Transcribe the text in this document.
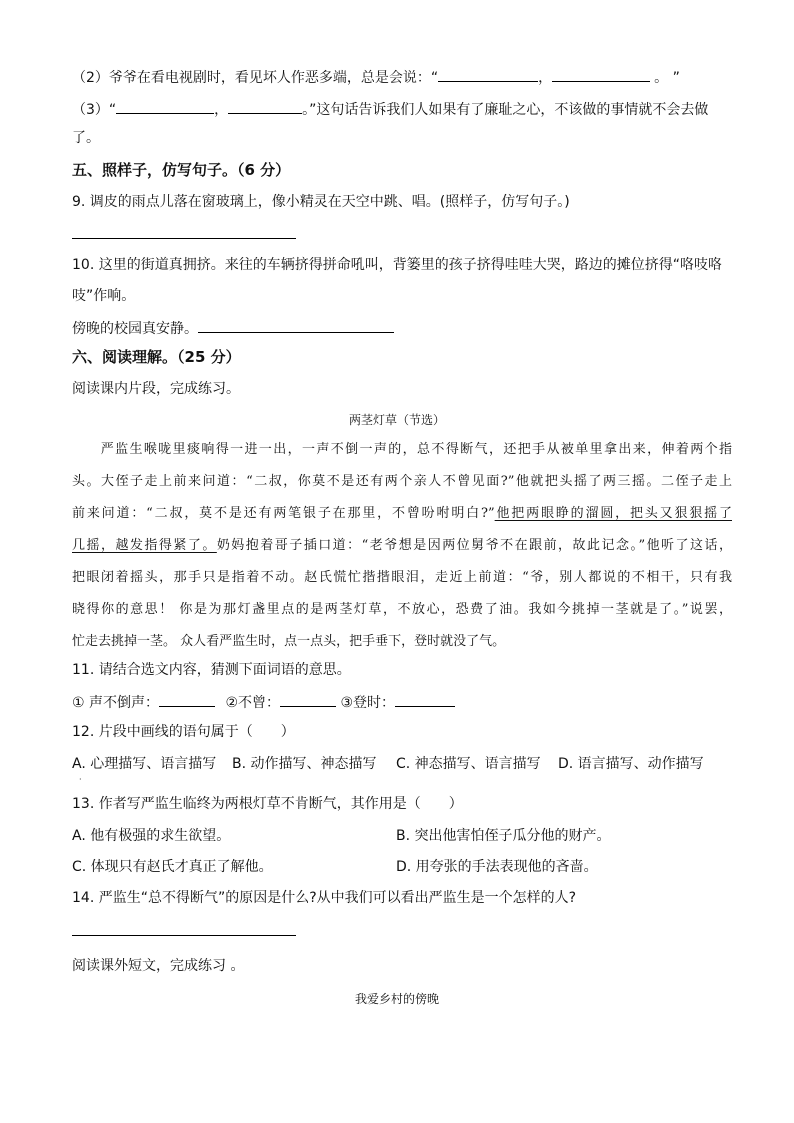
（2）爷爷在看电视剧时，看见坏人作恶多端，总是会说：“	，	。 ”
（3）“	，	。”这句话告诉我们人如果有了廉耻之心，不该做的事情就不会去做
了。
五、照样子，仿写句子。（6 分）
9. 调皮的雨点儿落在窗玻璃上，像小精灵在天空中跳、唱。(照样子，仿写句子。)
10. 这里的街道真拥挤。来往的车辆挤得拼命吼叫，背篓里的孩子挤得哇哇大哭，路边的摊位挤得“咯吱咯
吱”作响。
傍晚的校园真安静。
六、阅读理解。（25 分）
阅读课内片段，完成练习。
两茎灯草（节选）
　　严监生喉咙里痰响得一进一出，一声不倒一声的，总不得断气，还把手从被单里拿出来，伸着两个指
头。大侄子走上前来问道：“二叔，你莫不是还有两个亲人不曾见面?”他就把头摇了两三摇。二侄子走上
前来问道：“二叔，莫不是还有两笔银子在那里，不曾吩咐明白?”他把两眼睁的溜圆，把头又狠狠摇了
几摇，越发指得紧了。奶妈抱着哥子插口道：“老爷想是因两位舅爷不在跟前，故此记念。”他听了这话，
把眼闭着摇头，那手只是指着不动。赵氏慌忙揩揩眼泪，走近上前道：“爷，别人都说的不相干，只有我
晓得你的意思！ 你是为那灯盏里点的是两茎灯草，不放心，恐费了油。我如今挑掉一茎就是了。”说罢，
忙走去挑掉一茎。 众人看严监生时，点一点头，把手垂下，登时就没了气。
11. 请结合选文内容，猜测下面词语的意思。
① 声不倒声：	②不曾：	③登时：
12. 片段中画线的语句属于（　　）
A. 心理描写、语言描写 B. 动作描写、神态描写 C. 神态描写、语言描写 D. 语言描写、动作描写
·
13. 作者写严监生临终为两根灯草不肯断气，其作用是（　　）
A. 他有极强的求生欲望。	B. 突出他害怕侄子瓜分他的财产。
C. 体现只有赵氏才真正了解他。	D. 用夸张的手法表现他的吝啬。
14. 严监生“总不得断气”的原因是什么?从中我们可以看出严监生是一个怎样的人?
阅读课外短文，完成练习 。
我爱乡村的傍晚
